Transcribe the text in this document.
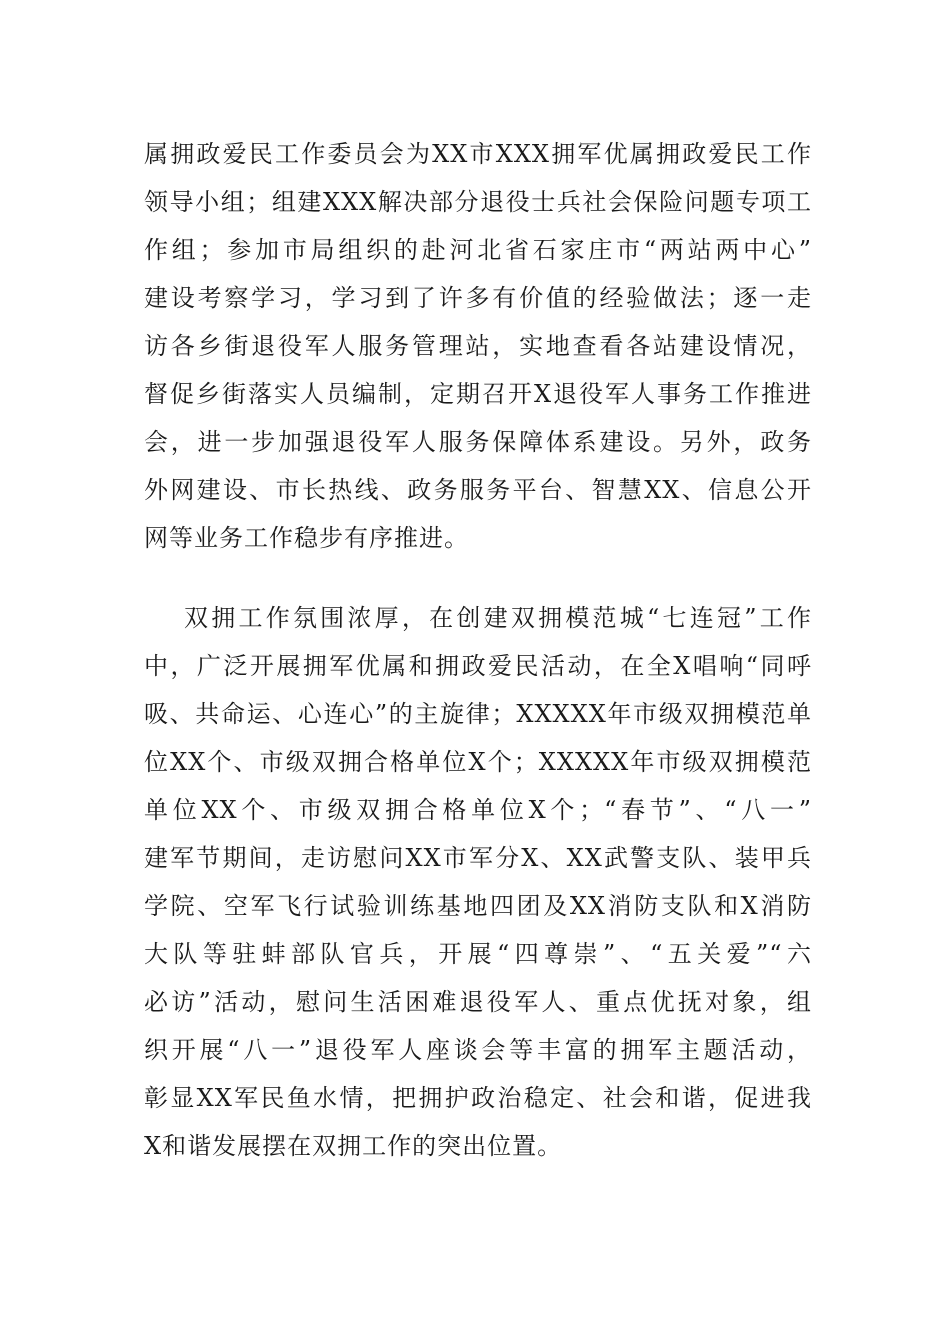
属拥政爱民工作委员会为XX市XXX拥军优属拥政爱民工作
领导小组；组建XXX解决部分退役士兵社会保险问题专项工
作组；参加市局组织的赴河北省石家庄市“两站两中心”
建设考察学习，学习到了许多有价值的经验做法；逐一走
访各乡街退役军人服务管理站，实地查看各站建设情况，
督促乡街落实人员编制，定期召开X退役军人事务工作推进
会，进一步加强退役军人服务保障体系建设。另外，政务
外网建设、市长热线、政务服务平台、智慧XX、信息公开
网等业务工作稳步有序推进。
双拥工作氛围浓厚，在创建双拥模范城“七连冠”工作
中，广泛开展拥军优属和拥政爱民活动，在全X唱响“同呼
吸、共命运、心连心”的主旋律；XXXXX年市级双拥模范单
位XX个、市级双拥合格单位X个；XXXXX年市级双拥模范
单位XX个、市级双拥合格单位X个；“春节”、“八一”
建军节期间，走访慰问XX市军分X、XX武警支队、装甲兵
学院、空军飞行试验训练基地四团及XX消防支队和X消防
大队等驻蚌部队官兵，开展“四尊崇”、“五关爱”“六
必访”活动，慰问生活困难退役军人、重点优抚对象，组
织开展“八一”退役军人座谈会等丰富的拥军主题活动，
彰显XX军民鱼水情，把拥护政治稳定、社会和谐，促进我
X和谐发展摆在双拥工作的突出位置。
